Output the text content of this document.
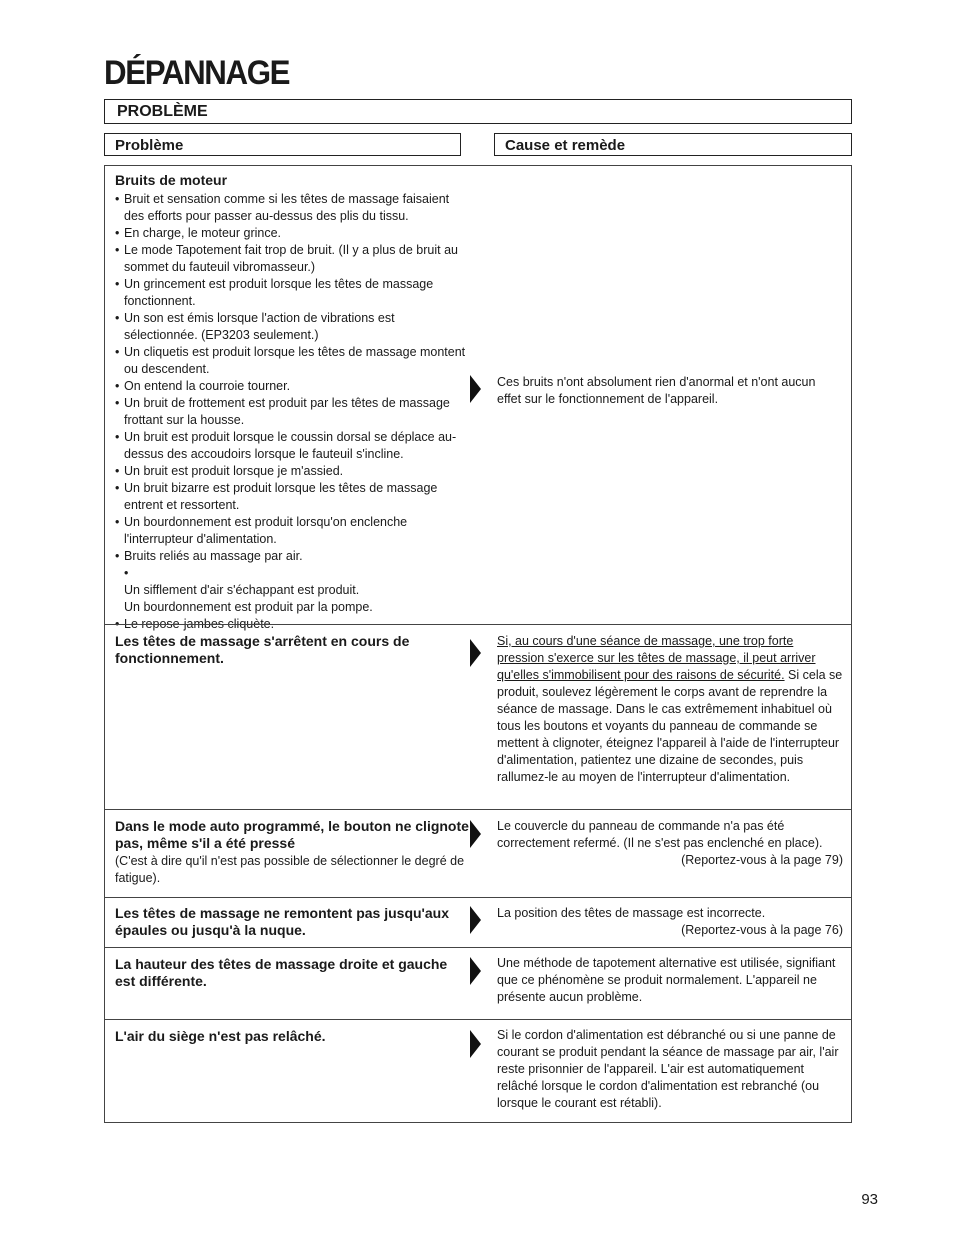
DÉPANNAGE
PROBLÈME
Problème	Cause et remède
Bruits de moteur
• Bruit et sensation comme si les têtes de massage faisaient des efforts pour passer au-dessus des plis du tissu.
• En charge, le moteur grince.
• Le mode Tapotement fait trop de bruit. (Il y a plus de bruit au sommet du fauteuil vibromasseur.)
• Un grincement est produit lorsque les têtes de massage fonctionnent.
• Un son est émis lorsque l'action de vibrations est sélectionnée. (EP3203 seulement.)
• Un cliquetis est produit lorsque les têtes de massage montent ou descendent.
• On entend la courroie tourner.
• Un bruit de frottement est produit par les têtes de massage frottant sur la housse.
• Un bruit est produit lorsque le coussin dorsal se déplace au-dessus des accoudoirs lorsque le fauteuil s'incline.
• Un bruit est produit lorsque je m'assied.
• Un bruit bizarre est produit lorsque les têtes de massage entrent et ressortent.
• Un bourdonnement est produit lorsqu'on enclenche l'interrupteur d'alimentation.
• Bruits reliés au massage par air.
• Un sifflement d'air s'échappant est produit.
Un bourdonnement est produit par la pompe.
• Le repose-jambes cliquète.
Ces bruits n'ont absolument rien d'anormal et n'ont aucun effet sur le fonctionnement de l'appareil.
Les têtes de massage s'arrêtent en cours de fonctionnement.
Si, au cours d'une séance de massage, une trop forte pression s'exerce sur les têtes de massage, il peut arriver qu'elles s'immobilisent pour des raisons de sécurité. Si cela se produit, soulevez légèrement le corps avant de reprendre la séance de massage. Dans le cas extrêmement inhabituel où tous les boutons et voyants du panneau de commande se mettent à clignoter, éteignez l'appareil à l'aide de l'interrupteur d'alimentation, patientez une dizaine de secondes, puis rallumez-le au moyen de l'interrupteur d'alimentation.
Dans le mode auto programmé, le bouton ne clignote pas, même s'il a été pressé
(C'est à dire qu'il n'est pas possible de sélectionner le degré de fatigue).
Le couvercle du panneau de commande n'a pas été correctement refermé. (Il ne s'est pas enclenché en place).
(Reportez-vous à la page 79)
Les têtes de massage ne remontent pas jusqu'aux épaules ou jusqu'à la nuque.
La position des têtes de massage est incorrecte.
(Reportez-vous à la page 76)
La hauteur des têtes de massage droite et gauche est différente.
Une méthode de tapotement alternative est utilisée, signifiant que ce phénomène se produit normalement. L'appareil ne présente aucun problème.
L'air du siège n'est pas relâché.	Si le cordon d'alimentation est débranché ou si une panne de courant se produit pendant la séance de massage par air, l'air reste prisonnier de l'appareil. L'air est automatiquement relâché lorsque le cordon d'alimentation est rebranché (ou lorsque le courant est rétabli).
93
